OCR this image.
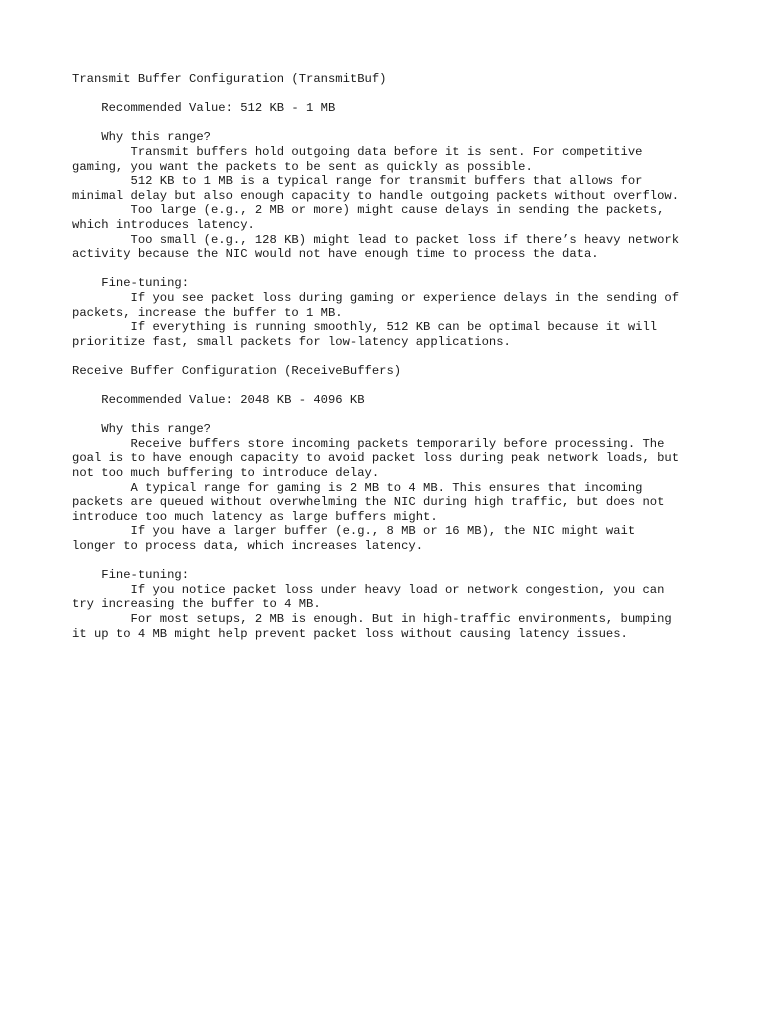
Transmit Buffer Configuration (TransmitBuf)
Recommended Value: 512 KB - 1 MB
Why this range?
Transmit buffers hold outgoing data before it is sent. For competitive
gaming, you want the packets to be sent as quickly as possible.
512 KB to 1 MB is a typical range for transmit buffers that allows for
minimal delay but also enough capacity to handle outgoing packets without overflow.
Too large (e.g., 2 MB or more) might cause delays in sending the packets,
which introduces latency.
Too small (e.g., 128 KB) might lead to packet loss if there’s heavy network
activity because the NIC would not have enough time to process the data.
Fine-tuning:
If you see packet loss during gaming or experience delays in the sending of
packets, increase the buffer to 1 MB.
If everything is running smoothly, 512 KB can be optimal because it will
prioritize fast, small packets for low-latency applications.
Receive Buffer Configuration (ReceiveBuffers)
Recommended Value: 2048 KB - 4096 KB
Why this range?
Receive buffers store incoming packets temporarily before processing. The
goal is to have enough capacity to avoid packet loss during peak network loads, but
not too much buffering to introduce delay.
A typical range for gaming is 2 MB to 4 MB. This ensures that incoming
packets are queued without overwhelming the NIC during high traffic, but does not
introduce too much latency as large buffers might.
If you have a larger buffer (e.g., 8 MB or 16 MB), the NIC might wait
longer to process data, which increases latency.
Fine-tuning:
If you notice packet loss under heavy load or network congestion, you can
try increasing the buffer to 4 MB.
For most setups, 2 MB is enough. But in high-traffic environments, bumping
it up to 4 MB might help prevent packet loss without causing latency issues.
